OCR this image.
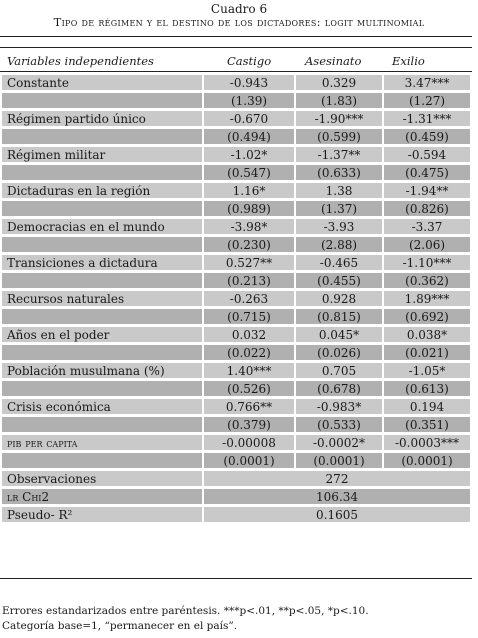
Cuadro 6
Tipo de régimen y el destino de los dictadores: logit multinomial
Variables independientes	Castigo	Asesinato	Exilio
Constante	-0.943	0.329	3.47***
	(1.39)	(1.83)	(1.27)
Régimen partido único	-0.670	-1.90***	-1.31***
	(0.494)	(0.599)	(0.459)
Régimen militar	-1.02*	-1.37**	-0.594
	(0.547)	(0.633)	(0.475)
Dictaduras en la región	1.16*	1.38	-1.94**
	(0.989)	(1.37)	(0.826)
Democracias en el mundo	-3.98*	-3.93	-3.37
	(0.230)	(2.88)	(2.06)
Transiciones a dictadura	0.527**	-0.465	-1.10***
	(0.213)	(0.455)	(0.362)
Recursos naturales	-0.263	0.928	1.89***
	(0.715)	(0.815)	(0.692)
Años en el poder	0.032	0.045*	0.038*
	(0.022)	(0.026)	(0.021)
Población musulmana (%)	1.40***	0.705	-1.05*
	(0.526)	(0.678)	(0.613)
Crisis económica	0.766**	-0.983*	0.194
	(0.379)	(0.533)	(0.351)
pib per capita	-0.00008	-0.0002*	-0.0003***
	(0.0001)	(0.0001)	(0.0001)
Observaciones	272		
lr Chi2	106.34		
Pseudo- R²	0.1605		
Errores estandarizados entre paréntesis. ***p<.01, **p<.05, *p<.10.
Categoría base=1, “permanecer en el país”.
